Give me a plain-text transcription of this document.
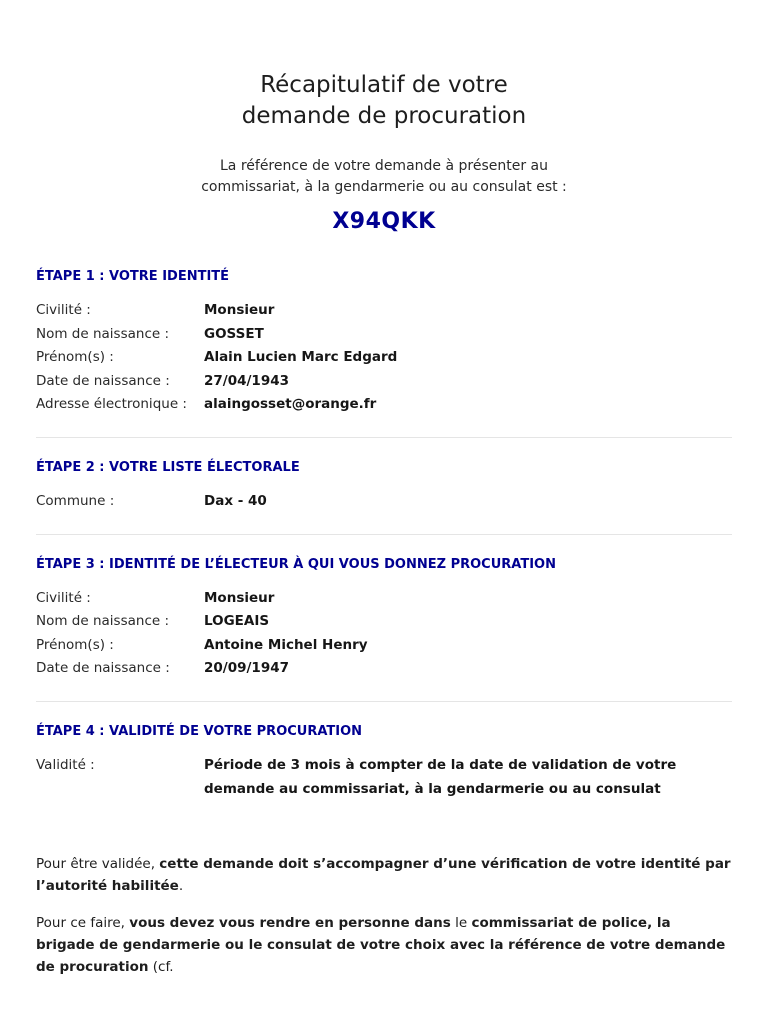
Récapitulatif de votre
demande de procuration

La référence de votre demande à présenter au
commissariat, à la gendarmerie ou au consulat est :

X94QKK

ÉTAPE 1 : VOTRE IDENTITÉ
Civilité :	Monsieur
Nom de naissance :	GOSSET
Prénom(s) :	Alain Lucien Marc Edgard
Date de naissance :	27/04/1943
Adresse électronique :	alaingosset@orange.fr
ÉTAPE 2 : VOTRE LISTE ÉLECTORALE
Commune :	Dax - 40
ÉTAPE 3 : IDENTITÉ DE L’ÉLECTEUR À QUI VOUS DONNEZ PROCURATION
Civilité :	Monsieur
Nom de naissance :	LOGEAIS
Prénom(s) :	Antoine Michel Henry
Date de naissance :	20/09/1947
ÉTAPE 4 : VALIDITÉ DE VOTRE PROCURATION
Validité :	Période de 3 mois à compter de la date de validation de votre demande au commissariat, à la gendarmerie ou au consulat

Pour être validée, cette demande doit s’accompagner d’une vérification de votre identité par l’autorité habilitée.

Pour ce faire, vous devez vous rendre en personne dans le commissariat de police, la brigade de gendarmerie ou le consulat de votre choix avec la référence de votre demande de procuration (cf.
